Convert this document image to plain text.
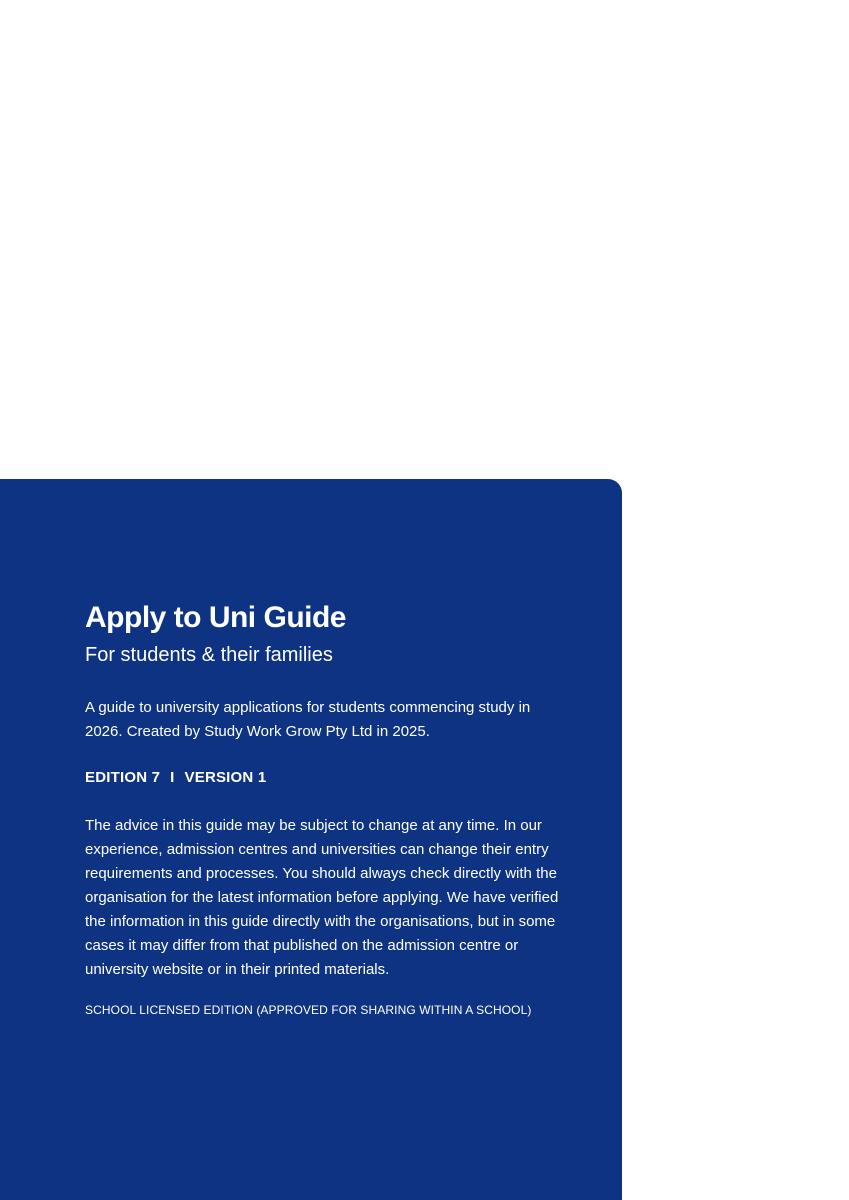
Apply to Uni Guide

For students & their families

A guide to university applications for students commencing study in 2026. Created by Study Work Grow Pty Ltd in 2025.

EDITION 7 I VERSION 1

The advice in this guide may be subject to change at any time. In our experience, admission centres and universities can change their entry requirements and processes. You should always check directly with the organisation for the latest information before applying. We have verified the information in this guide directly with the organisations, but in some cases it may differ from that published on the admission centre or university website or in their printed materials.

SCHOOL LICENSED EDITION (APPROVED FOR SHARING WITHIN A SCHOOL)
